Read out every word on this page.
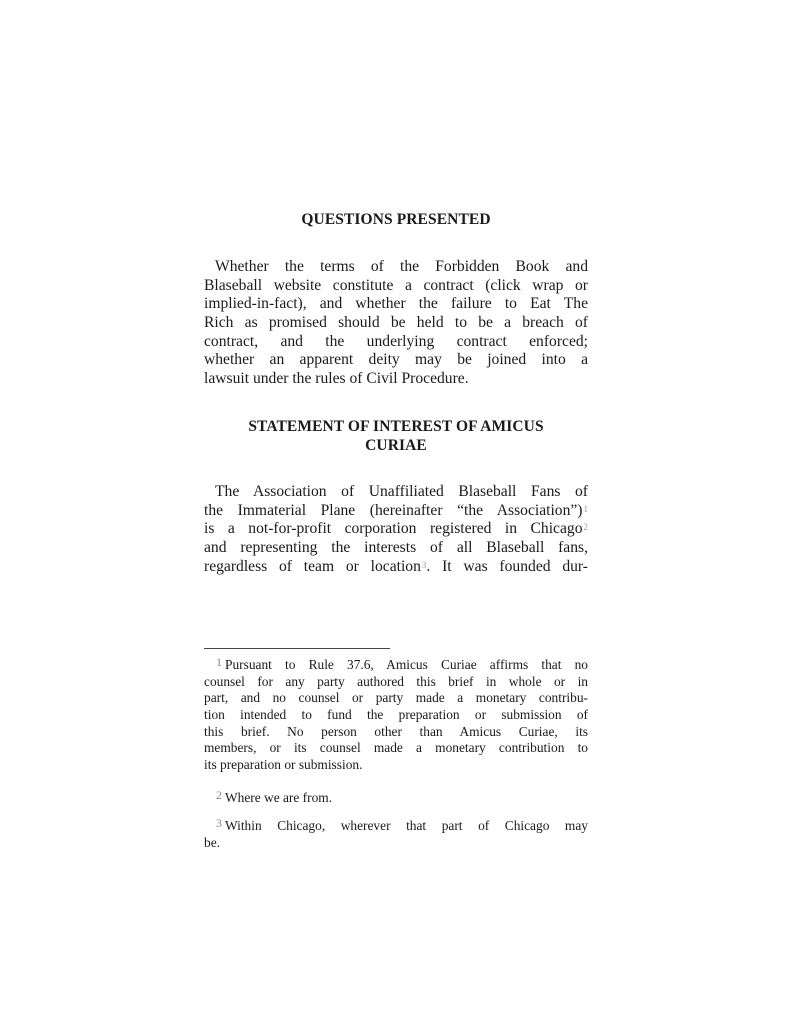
QUESTIONS PRESENTED
Whether the terms of the Forbidden Book and
Blaseball website constitute a contract (click wrap or
implied-in-fact), and whether the failure to Eat The
Rich as promised should be held to be a breach of
contract, and the underlying contract enforced;
whether an apparent deity may be joined into a
lawsuit under the rules of Civil Procedure.
STATEMENT OF INTEREST OF AMICUS
CURIAE
The Association of Unaffiliated Blaseball Fans of
the Immaterial Plane (hereinafter “the Association”)$^1$
is a not-for-profit corporation registered in Chicago$^2$
and representing the interests of all Blaseball fans,
regardless of team or location$^3$. It was founded dur-
1 Pursuant to Rule 37.6, Amicus Curiae affirms that no
counsel for any party authored this brief in whole or in
part, and no counsel or party made a monetary contribu-
tion intended to fund the preparation or submission of
this brief. No person other than Amicus Curiae, its
members, or its counsel made a monetary contribution to
its preparation or submission.
2 Where we are from.
3 Within Chicago, wherever that part of Chicago may
be.
